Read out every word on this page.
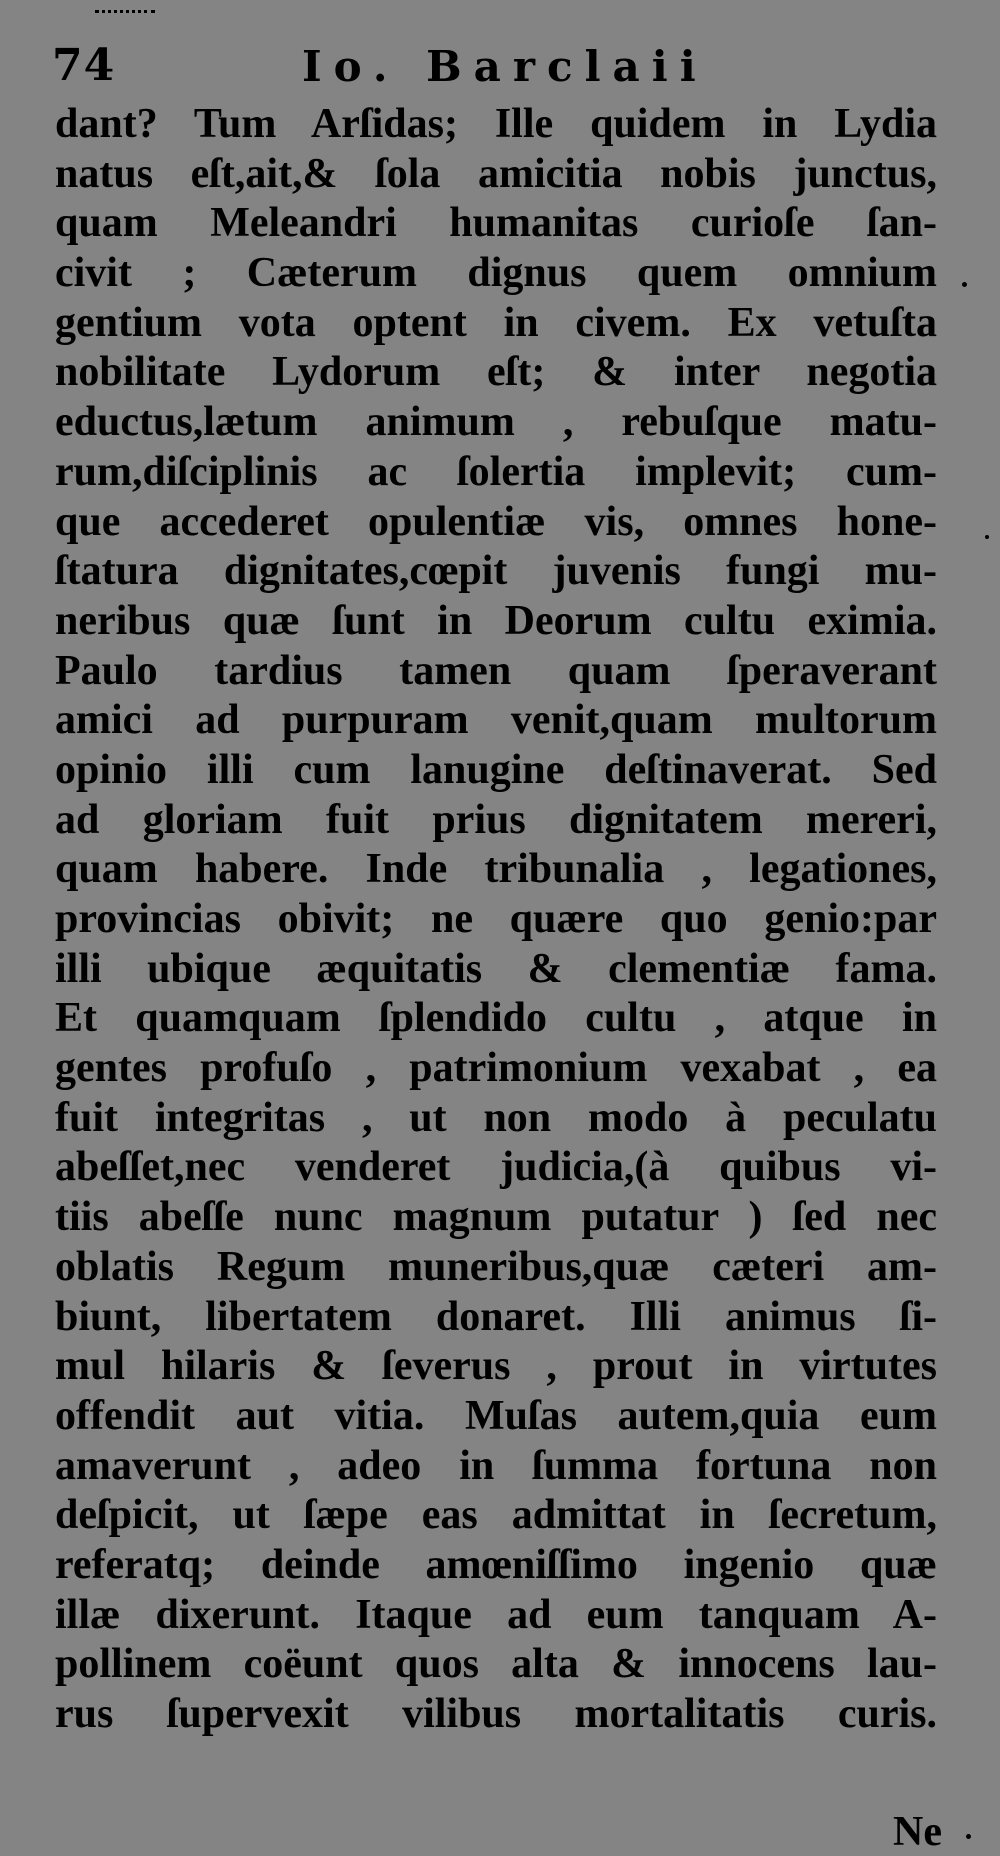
74	Io. Barclaii
dant? Tum Arſidas; Ille quidem in Lydia
natus eſt,ait,& ſola amicitia nobis junctus,
quam Meleandri humanitas curioſe ſan-
civit ; Cæterum dignus quem omnium
gentium vota optent in civem. Ex vetuſta
nobilitate Lydorum eſt; & inter negotia
eductus,lætum animum , rebuſque matu-
rum,diſciplinis ac ſolertia implevit; cum-
que accederet opulentiæ vis, omnes hone-
ſtatura dignitates,cœpit juvenis fungi mu-
neribus quæ ſunt in Deorum cultu eximia.
Paulo tardius tamen quam ſperaverant
amici ad purpuram venit,quam multorum
opinio illi cum lanugine deſtinaverat. Sed
ad gloriam fuit prius dignitatem mereri,
quam habere. Inde tribunalia , legationes,
provincias obivit; ne quære quo genio:par
illi ubique æquitatis & clementiæ fama.
Et quamquam ſplendido cultu , atque in
gentes profuſo , patrimonium vexabat , ea
fuit integritas , ut non modo à peculatu
abeſſet,nec venderet judicia,(à quibus vi-
tiis abeſſe nunc magnum putatur ) ſed nec
oblatis Regum muneribus,quæ cæteri am-
biunt, libertatem donaret. Illi animus ſi-
mul hilaris & ſeverus , prout in virtutes
offendit aut vitia. Muſas autem,quia eum
amaverunt , adeo in ſumma fortuna non
deſpicit, ut ſæpe eas admittat in ſecretum,
referatq; deinde amœniſſimo ingenio quæ
illæ dixerunt. Itaque ad eum tanquam A-
pollinem coëunt quos alta & innocens lau-
rus ſupervexit vilibus mortalitatis curis.
Ne
